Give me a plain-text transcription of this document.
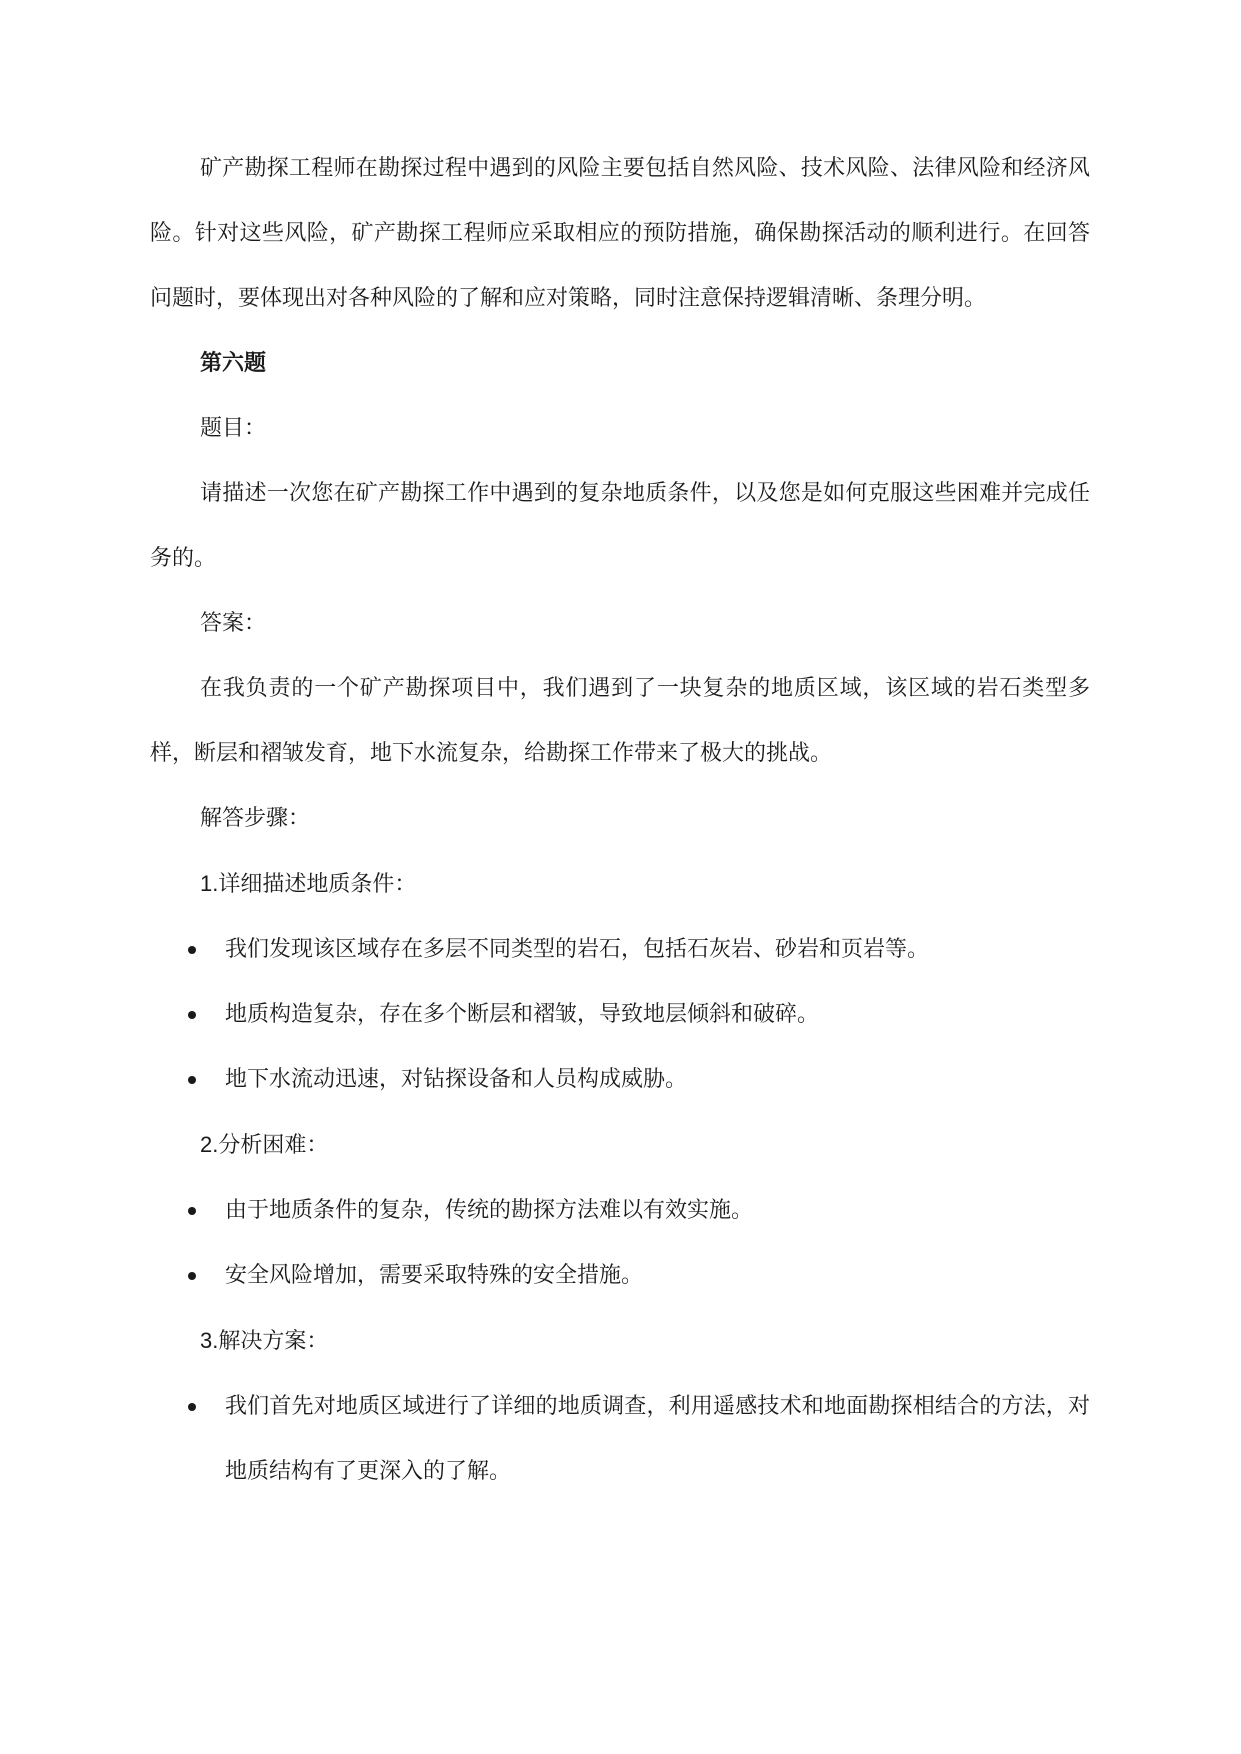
矿产勘探工程师在勘探过程中遇到的风险主要包括自然风险、技术风险、法律风险和经济风险。针对这些风险，矿产勘探工程师应采取相应的预防措施，确保勘探活动的顺利进行。在回答问题时，要体现出对各种风险的了解和应对策略，同时注意保持逻辑清晰、条理分明。

第六题

题目：

请描述一次您在矿产勘探工作中遇到的复杂地质条件，以及您是如何克服这些困难并完成任务的。

答案：

在我负责的一个矿产勘探项目中，我们遇到了一块复杂的地质区域，该区域的岩石类型多样，断层和褶皱发育，地下水流复杂，给勘探工作带来了极大的挑战。

解答步骤：

1.详细描述地质条件：

我们发现该区域存在多层不同类型的岩石，包括石灰岩、砂岩和页岩等。
地质构造复杂，存在多个断层和褶皱，导致地层倾斜和破碎。
地下水流动迅速，对钻探设备和人员构成威胁。

2.分析困难：

由于地质条件的复杂，传统的勘探方法难以有效实施。
安全风险增加，需要采取特殊的安全措施。

3.解决方案：

我们首先对地质区域进行了详细的地质调查，利用遥感技术和地面勘探相结合的方法，对地质结构有了更深入的了解。
